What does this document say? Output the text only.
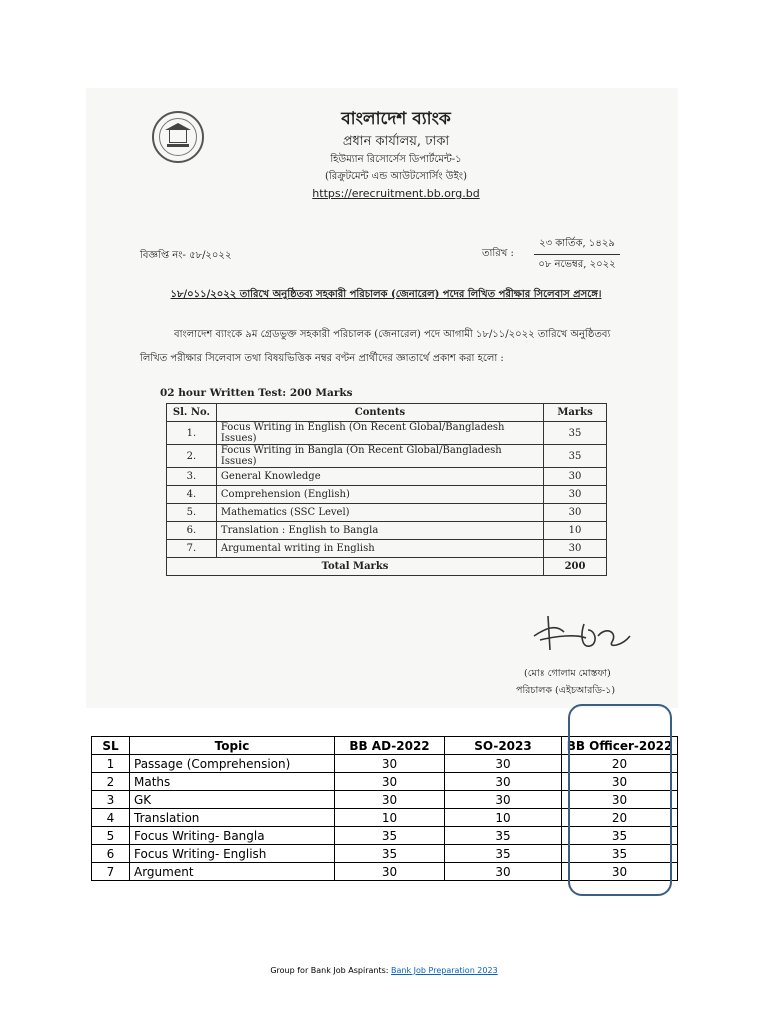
বাংলাদেশ ব্যাংক
প্রধান কার্যালয়, ঢাকা
হিউম্যান রিসোর্সেস ডিপার্টমেন্ট-১
(রিক্রুটমেন্ট এন্ড আউটসোর্সিং উইং)
https://erecruitment.bb.org.bd
বিজ্ঞপ্তি নং- ৫৮/২০২২	তারিখ :
২৩ কার্তিক, ১৪২৯
০৮ নভেম্বর, ২০২২
১৮/০১১/২০২২ তারিখে অনুষ্ঠিতব্য সহকারী পরিচালক (জেনারেল) পদের লিখিত পরীক্ষার সিলেবাস প্রসঙ্গে।
বাংলাদেশ ব্যাংকে ৯ম গ্রেডভুক্ত সহকারী পরিচালক (জেনারেল) পদে আগামী ১৮/১১/২০২২ তারিখে অনুষ্ঠিতব্য লিখিত পরীক্ষার সিলেবাস তথা বিষয়ভিত্তিক নম্বর বণ্টন প্রার্থীদের জ্ঞাতার্থে প্রকাশ করা হলো :
02 hour Written Test: 200 Marks
Sl. No.	Contents	Marks
1.	Focus Writing in English (On Recent Global/Bangladesh Issues)	35
2.	Focus Writing in Bangla (On Recent Global/Bangladesh Issues)	35
3.	General Knowledge	30
4.	Comprehension (English)	30
5.	Mathematics (SSC Level)	30
6.	Translation : English to Bangla	10
7.	Argumental writing in English	30
Total Marks		200
(মোঃ গোলাম মোস্তফা)
পরিচালক (এইচআরডি-১)
SL	Topic	BB AD-2022	SO-2023	BB Officer-2022
1	Passage (Comprehension)	30	30	20
2	Maths	30	30	30
3	GK	30	30	30
4	Translation	10	10	20
5	Focus Writing- Bangla	35	35	35
6	Focus Writing- English	35	35	35
7	Argument	30	30	30
Group for Bank Job Aspirants: Bank Job Preparation 2023
